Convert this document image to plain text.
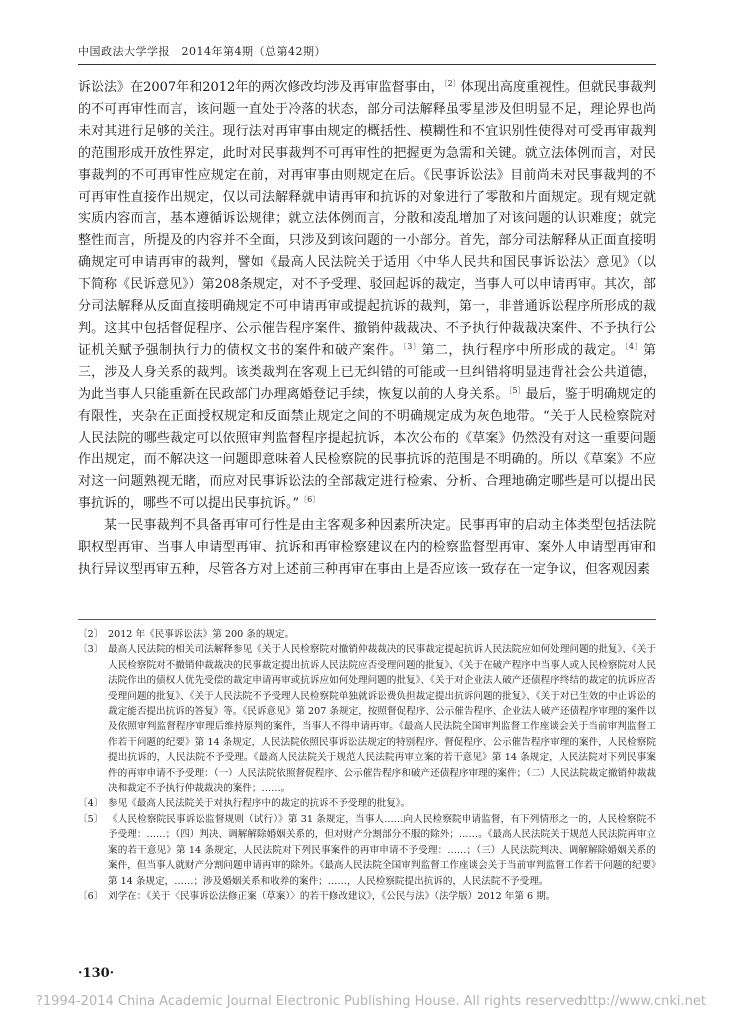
中国政法大学学报　2014年第4期（总第42期）

诉讼法》在2007年和2012年的两次修改均涉及再审监督事由，$^{〔2〕}$体现出高度重视性。但就民事裁判的不可再审性而言，该问题一直处于冷落的状态，部分司法解释虽零星涉及但明显不足，理论界也尚未对其进行足够的关注。现行法对再审事由规定的概括性、模糊性和不宜识别性使得对可受再审裁判的范围形成开放性界定，此时对民事裁判不可再审性的把握更为急需和关键。就立法体例而言，对民事裁判的不可再审性应规定在前，对再审事由则规定在后。《民事诉讼法》目前尚未对民事裁判的不可再审性直接作出规定，仅以司法解释就申请再审和抗诉的对象进行了零散和片面规定。现有规定就实质内容而言，基本遵循诉讼规律；就立法体例而言，分散和凌乱增加了对该问题的认识难度；就完整性而言，所提及的内容并不全面，只涉及到该问题的一小部分。首先，部分司法解释从正面直接明确规定可申请再审的裁判，譬如《最高人民法院关于适用〈中华人民共和国民事诉讼法〉意见》（以下简称《民诉意见》）第208条规定，对不予受理、驳回起诉的裁定，当事人可以申请再审。其次，部分司法解释从反面直接明确规定不可申请再审或提起抗诉的裁判，第一，非普通诉讼程序所形成的裁判。这其中包括督促程序、公示催告程序案件、撤销仲裁裁决、不予执行仲裁裁决案件、不予执行公证机关赋予强制执行力的债权文书的案件和破产案件。$^{〔3〕}$第二，执行程序中所形成的裁定。$^{〔4〕}$第三，涉及人身关系的裁判。该类裁判在客观上已无纠错的可能或一旦纠错将明显违背社会公共道德，为此当事人只能重新在民政部门办理离婚登记手续，恢复以前的人身关系。$^{〔5〕}$最后，鉴于明确规定的有限性，夹杂在正面授权规定和反面禁止规定之间的不明确规定成为灰色地带。“关于人民检察院对人民法院的哪些裁定可以依照审判监督程序提起抗诉，本次公布的《草案》仍然没有对这一重要问题作出规定，而不解决这一问题即意味着人民检察院的民事抗诉的范围是不明确的。所以《草案》不应对这一问题熟视无睹，而应对民事诉讼法的全部裁定进行检索、分析、合理地确定哪些是可以提出民事抗诉的，哪些不可以提出民事抗诉。”$^{〔6〕}$

某一民事裁判不具备再审可行性是由主客观多种因素所决定。民事再审的启动主体类型包括法院职权型再审、当事人申请型再审、抗诉和再审检察建议在内的检察监督型再审、案外人申请型再审和执行异议型再审五种，尽管各方对上述前三种再审在事由上是否应该一致存在一定争议，但客观因素

〔2〕 2012 年《民事诉讼法》第 200 条的规定。
〔3〕 最高人民法院的相关司法解释参见《关于人民检察院对撤销仲裁裁决的民事裁定提起抗诉人民法院应如何处理问题的批复》、《关于人民检察院对不撤销仲裁裁决的民事裁定提出抗诉人民法院应否受理问题的批复》、《关于在破产程序中当事人或人民检察院对人民法院作出的债权人优先受偿的裁定申请再审或抗诉应如何处理问题的批复》、《关于对企业法人破产还债程序终结的裁定的抗诉应否受理问题的批复》、《关于人民法院不予受理人民检察院单独就诉讼费负担裁定提出抗诉问题的批复》、《关于对已生效的中止诉讼的裁定能否提出抗诉的答复》等。《民诉意见》第 207 条规定，按照督促程序、公示催告程序、企业法人破产还债程序审理的案件以及依照审判监督程序审理后维持原判的案件，当事人不得申请再审。《最高人民法院全国审判监督工作座谈会关于当前审判监督工作若干问题的纪要》第 14 条规定，人民法院依照民事诉讼法规定的特别程序、督促程序、公示催告程序审理的案件，人民检察院提出抗诉的，人民法院不予受理。《最高人民法院关于规范人民法院再审立案的若干意见》第 14 条规定，人民法院对下列民事案件的再审申请不予受理：（一）人民法院依照督促程序、公示催告程序和破产还债程序审理的案件；（二）人民法院裁定撤销仲裁裁决和裁定不予执行仲裁裁决的案件；……。
〔4〕 参见《最高人民法院关于对执行程序中的裁定的抗诉不予受理的批复》。
〔5〕 《人民检察院民事诉讼监督规则（试行）》第 31 条规定，当事人……向人民检察院申请监督，有下列情形之一的，人民检察院不予受理：……；（四）判决、调解解除婚姻关系的，但对财产分割部分不服的除外；……。《最高人民法院关于规范人民法院再审立案的若干意见》第 14 条规定，人民法院对下列民事案件的再审申请不予受理：……；（三）人民法院判决、调解解除婚姻关系的案件，但当事人就财产分割问题申请再审的除外。《最高人民法院全国审判监督工作座谈会关于当前审判监督工作若干问题的纪要》第 14 条规定，……；涉及婚姻关系和收养的案件；……，人民检察院提出抗诉的，人民法院不予受理。
〔6〕 刘学在：《关于〈民事诉讼法修正案（草案）〉的若干修改建议》，《公民与法》（法学版）2012 年第 6 期。
·130·
?1994-2014 China Academic Journal Electronic Publishing House. All rights reserved.
http://www.cnki.net
